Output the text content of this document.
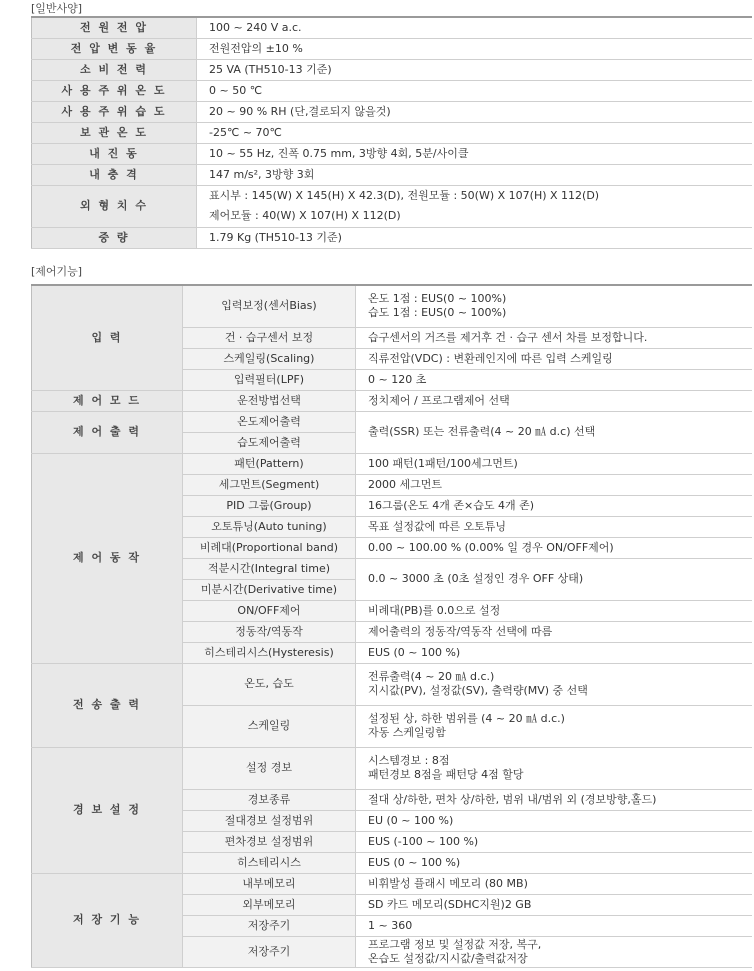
[일반사양]
전 원 전 압	100 ~ 240 V a.c.
전 압 변 동 율	전원전압의 ±10 %
소 비 전 력	25 VA (TH510-13 기준)
사 용 주 위 온 도	0 ~ 50 ℃
사 용 주 위 습 도	20 ~ 90 % RH (단,결로되지 않을것)
보 관 온 도	-25℃ ~ 70℃
내 진 동	10 ~ 55 Hz, 진폭 0.75 mm, 3방향 4회, 5분/사이클
내 충 격	147 m/s², 3방향 3회
외 형 치 수	표시부 : 145(W) X 145(H) X 42.3(D), 전원모듈 : 50(W) X 107(H) X 112(D)
제어모듈 : 40(W) X 107(H) X 112(D)

중 량	1.79 Kg (TH510-13 기준)
[제어기능]
입 력	입력보정(센서Bias)	온도 1점 : EUS(0 ~ 100%)
습도 1점 : EUS(0 ~ 100%)

	건 · 습구센서 보정	습구센서의 거즈를 제거후 건 · 습구 센서 차를 보정합니다.
	스케일링(Scaling)	직류전압(VDC) : 변환레인지에 따른 입력 스케일링
	입력필터(LPF)	0 ~ 120 초
제 어 모 드	운전방법선택	정치제어 / 프로그램제어 선택
제 어 출 력	온도제어출력	출력(SSR) 또는 전류출력(4 ~ 20 ㎃ d.c) 선택
	습도제어출력	
제 어 동 작	패턴(Pattern)	100 패턴(1패턴/100세그먼트)
	세그먼트(Segment)	2000 세그먼트
	PID 그룹(Group)	16그룹(온도 4개 존×습도 4개 존)
	오토튜닝(Auto tuning)	목표 설정값에 따른 오토튜닝
	비례대(Proportional band)	0.00 ~ 100.00 % (0.00% 일 경우 ON/OFF제어)
	적분시간(Integral time)	0.0 ~ 3000 초 (0초 설정인 경우 OFF 상태)
	미분시간(Derivative time)	
	ON/OFF제어	비례대(PB)를 0.0으로 설정
	정동작/역동작	제어출력의 정동작/역동작 선택에 따름
	히스테리시스(Hysteresis)	EUS (0 ~ 100 %)
전 송 출 력	온도, 습도	전류출력(4 ~ 20 ㎃ d.c.)
지시값(PV), 설정값(SV), 출력량(MV) 중 선택

	스케일링	설정된 상, 하한 범위를 (4 ~ 20 ㎃ d.c.)
자동 스케일링함

경 보 설 정	설정 경보	시스템경보 : 8점
패턴경보 8점을 패턴당 4점 할당

	경보종류	절대 상/하한, 편차 상/하한, 범위 내/범위 외 (경보방향,홀드)
	절대경보 설정범위	EU (0 ~ 100 %)
	편차경보 설정범위	EUS (-100 ~ 100 %)
	히스테리시스	EUS (0 ~ 100 %)
저 장 기 능	내부메모리	비휘발성 플래시 메모리 (80 MB)
	외부메모리	SD 카드 메모리(SDHC지원)2 GB
	저장주기	1 ~ 360
	저장주기	프로그램 정보 및 설정값 저장, 복구,
온습도 설정값/지시값/출력값저장
